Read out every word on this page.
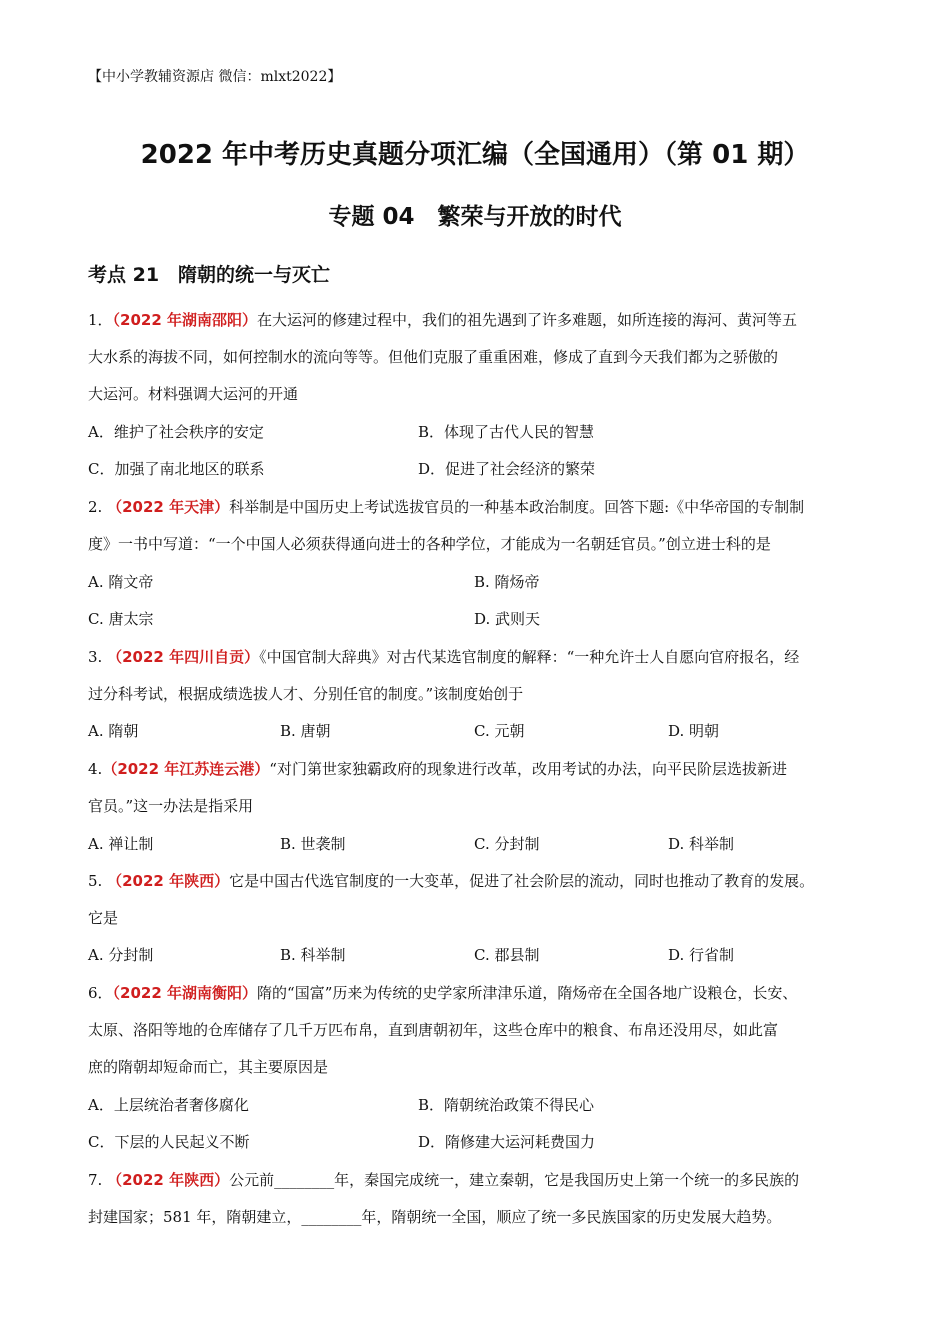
【中小学教辅资源店 微信：mlxt2022】
2022 年中考历史真题分项汇编（全国通用）（第 01 期）
专题 04　繁荣与开放的时代
考点 21　隋朝的统一与灭亡
1．（2022 年湖南邵阳）在大运河的修建过程中，我们的祖先遇到了许多难题，如所连接的海河、黄河等五
大水系的海拔不同，如何控制水的流向等等。但他们克服了重重困难，修成了直到今天我们都为之骄傲的
大运河。材料强调大运河的开通
A．维护了社会秩序的安定	B．体现了古代人民的智慧
C．加强了南北地区的联系	D．促进了社会经济的繁荣
2. （2022 年天津）科举制是中国历史上考试选拔官员的一种基本政治制度。回答下题:《中华帝国的专制制
度》一书中写道：“一个中国人必须获得通向进士的各种学位，才能成为一名朝廷官员。”创立进士科的是
A. 隋文帝	B. 隋炀帝
C. 唐太宗	D. 武则天
3. （2022 年四川自贡）《中国官制大辞典》对古代某选官制度的解释：“一种允许士人自愿向官府报名，经
过分科考试，根据成绩选拔人才、分别任官的制度。”该制度始创于
A. 隋朝	B. 唐朝	C. 元朝	D. 明朝
4.（2022 年江苏连云港）“对门第世家独霸政府的现象进行改革，改用考试的办法，向平民阶层选拔新进
官员。”这一办法是指采用
A. 禅让制	B. 世袭制	C. 分封制	D. 科举制
5. （2022 年陕西）它是中国古代选官制度的一大变革，促进了社会阶层的流动，同时也推动了教育的发展。
它是
A. 分封制	B. 科举制	C. 郡县制	D. 行省制
6．（2022 年湖南衡阳）隋的“国富”历来为传统的史学家所津津乐道，隋炀帝在全国各地广设粮仓，长安、
太原、洛阳等地的仓库储存了几千万匹布帛，直到唐朝初年，这些仓库中的粮食、布帛还没用尽，如此富
庶的隋朝却短命而亡，其主要原因是
A．上层统治者奢侈腐化	B．隋朝统治政策不得民心
C．下层的人民起义不断	D．隋修建大运河耗费国力
7. （2022 年陕西）公元前________年，秦国完成统一，建立秦朝，它是我国历史上第一个统一的多民族的
封建国家；581 年，隋朝建立，________年，隋朝统一全国，顺应了统一多民族国家的历史发展大趋势。
